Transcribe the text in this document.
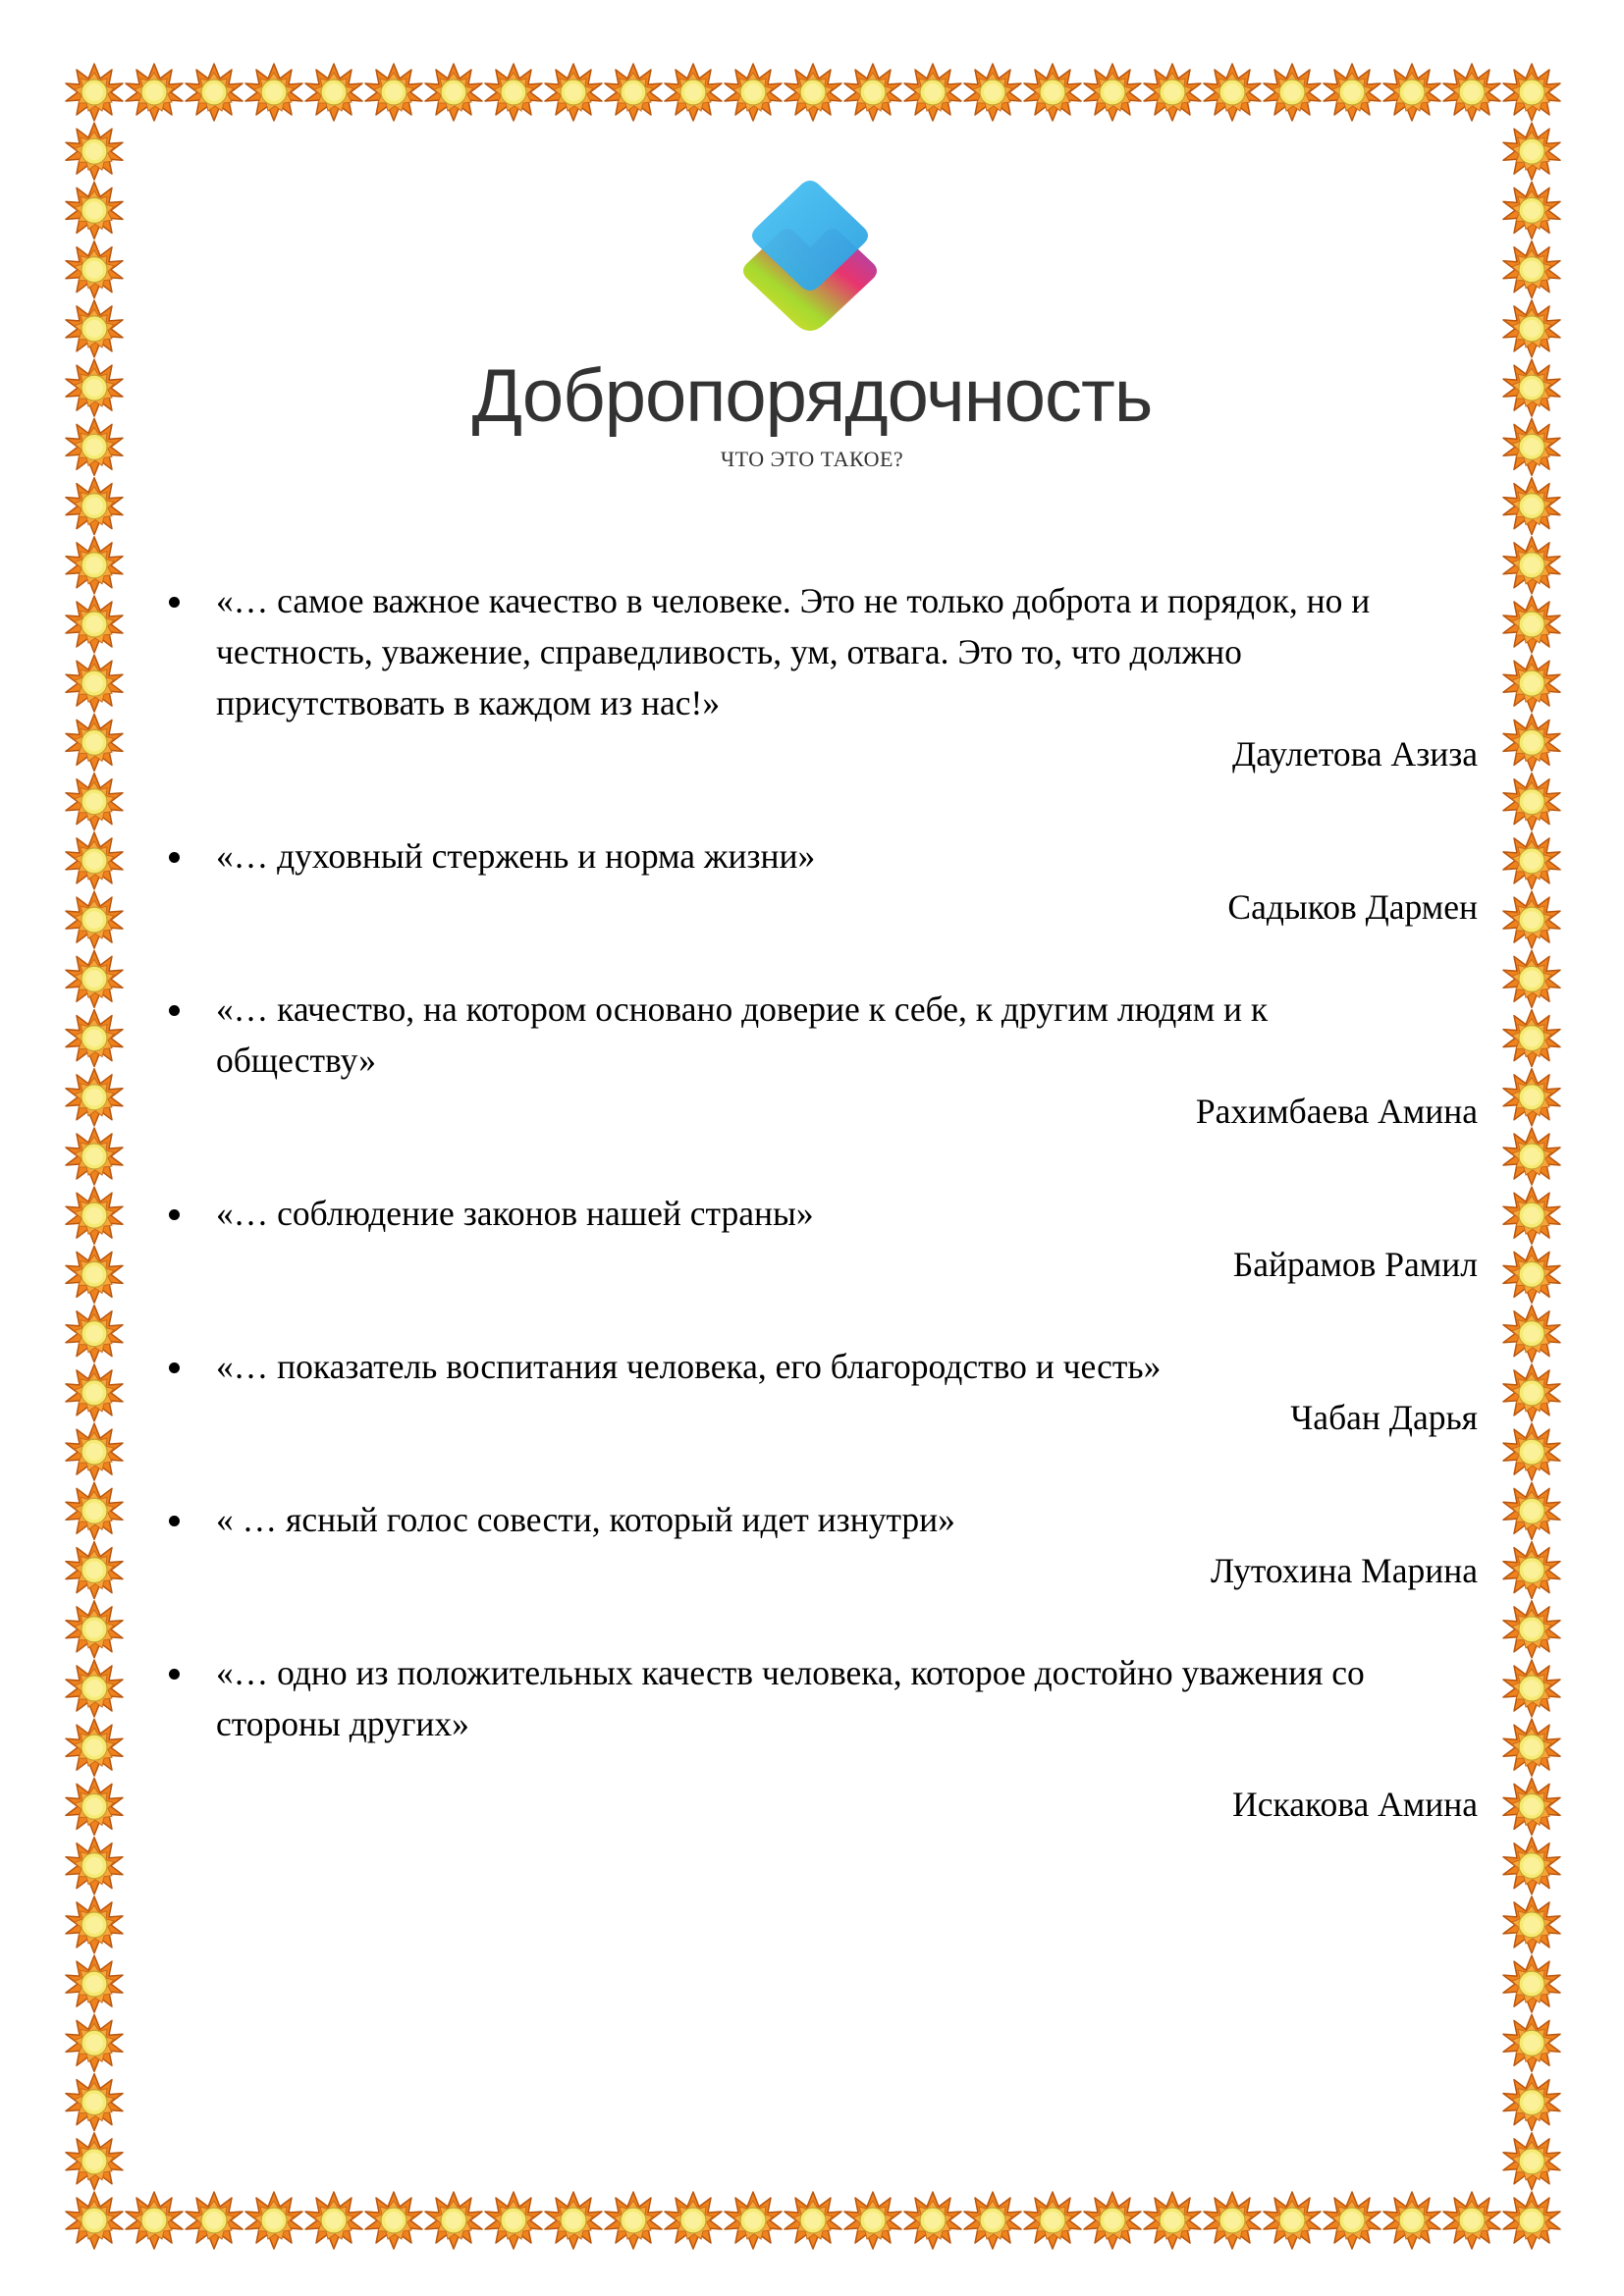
Добропорядочность
ЧТО ЭТО ТАКОЕ?

«… самое важное качество в человеке. Это не только доброта и порядок, но и честность, уважение, справедливость, ум, отвага. Это то, что должно присутствовать в каждом из нас!»

Даулетова Азиза

«… духовный стержень и норма жизни»

Садыков Дармен

«… качество, на котором основано доверие к себе, к другим людям и к обществу»

Рахимбаева Амина

«… соблюдение законов нашей страны»

Байрамов Рамил

«… показатель воспитания человека, его благородство и честь»

Чабан Дарья

« … ясный голос совести, который идет изнутри»

Лутохина Марина

«… одно из положительных качеств человека, которое достойно уважения со стороны других»

Искакова Амина
